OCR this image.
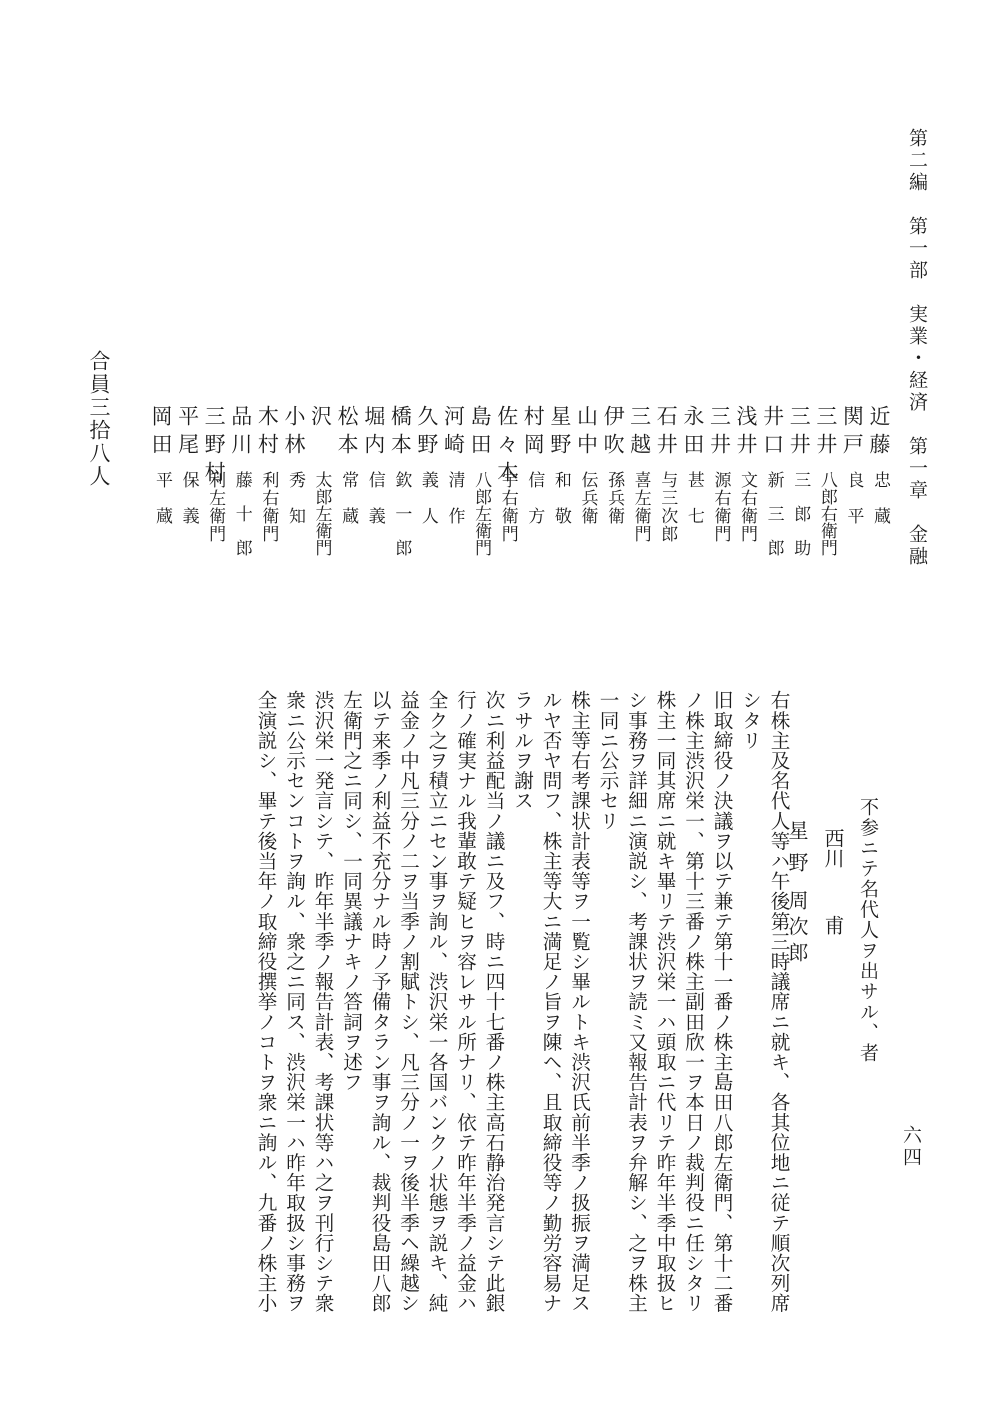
第二編　第一部　実業・経済　第一章　金融
六四
近藤
忠　蔵
関戸
良　平
三井
八郎右衛門
三井
三　郎　助
井口
新　三　郎
浅井
文右衛門
三井
源右衛門
永田
甚　七
石井
与三次郎
三越
喜左衛門
伊吹
孫兵衛
山中
伝兵衛
星野
和　敬
村岡
信　方
佐々木
宇右衛門
島田
八郎左衛門
河崎
清　作
久野
義　人
橋本
欽　一　郎
堀内
信　義
松本
常　蔵
沢
太郎左衛門
小林
秀　知
木村
利右衛門
品川
藤　十　郎
三野村
利左衛門
平尾
保　義
岡田
平　蔵
合員三拾八人
不参ニテ名代人ヲ出サル、者
西川
甫
星野
周次郎
右株主及名代人等ハ午後第三時議席ニ就キ、各其位地ニ従テ順次列席
シタリ
旧取締役ノ決議ヲ以テ兼テ第十一番ノ株主島田八郎左衛門、第十二番
ノ株主渋沢栄一、第十三番ノ株主副田欣一ヲ本日ノ裁判役ニ任シタリ
株主一同其席ニ就キ畢リテ渋沢栄一ハ頭取ニ代リテ昨年半季中取扱ヒ
シ事務ヲ詳細ニ演説シ、考課状ヲ読ミ又報告計表ヲ弁解シ、之ヲ株主
一同ニ公示セリ
株主等右考課状計表等ヲ一覧シ畢ルトキ渋沢氏前半季ノ扱振ヲ満足ス
ルヤ否ヤ問フ、株主等大ニ満足ノ旨ヲ陳ヘ、且取締役等ノ勤労容易ナ
ラサルヲ謝ス
次ニ利益配当ノ議ニ及フ、時ニ四十七番ノ株主高石静治発言シテ此銀
行ノ確実ナル我輩敢テ疑ヒヲ容レサル所ナリ、依テ昨年半季ノ益金ハ
全ク之ヲ積立ニセン事ヲ詢ル、渋沢栄一各国バンクノ状態ヲ説キ、純
益金ノ中凡三分ノ二ヲ当季ノ割賦トシ、凡三分ノ一ヲ後半季ヘ繰越シ
以テ来季ノ利益不充分ナル時ノ予備タラン事ヲ詢ル、裁判役島田八郎
左衛門之ニ同シ、一同異議ナキノ答詞ヲ述フ
渋沢栄一発言シテ、昨年半季ノ報告計表、考課状等ハ之ヲ刊行シテ衆
衆ニ公示センコトヲ詢ル、衆之ニ同ス、渋沢栄一ハ昨年取扱シ事務ヲ
全演説シ、畢テ後当年ノ取締役撰挙ノコトヲ衆ニ詢ル、九番ノ株主小
